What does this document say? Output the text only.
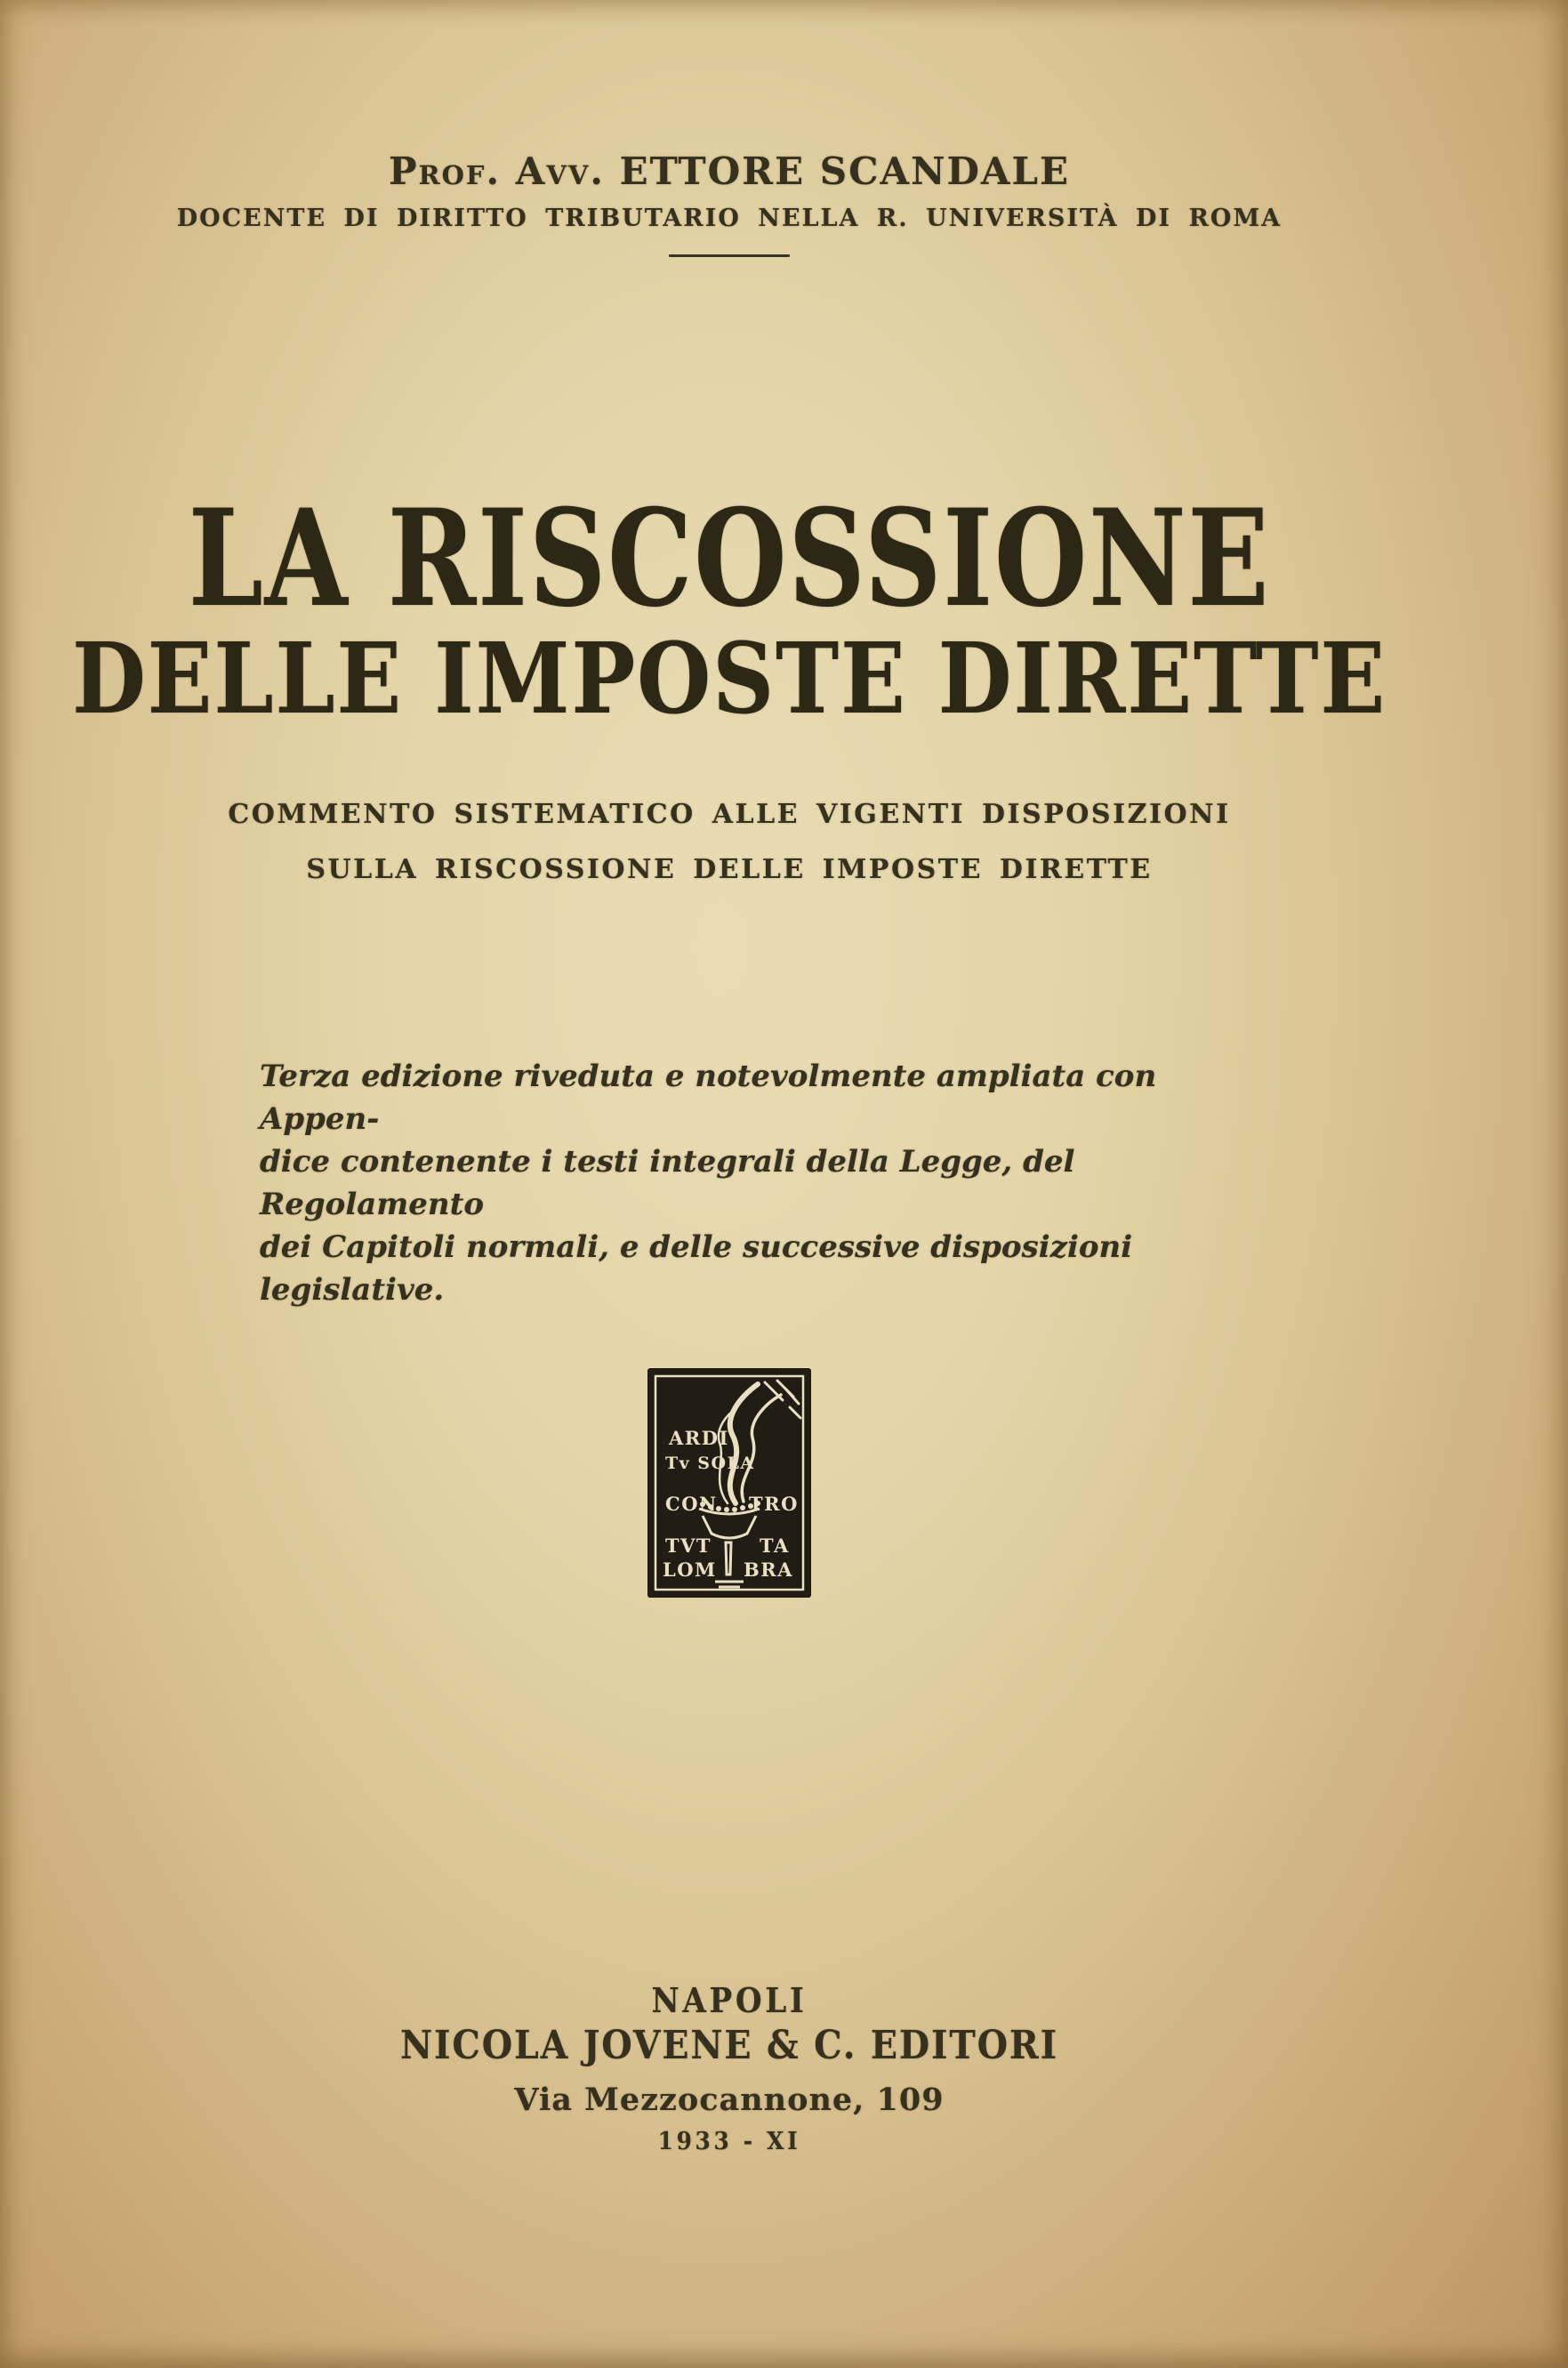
Prof. Avv. ETTORE SCANDALE
DOCENTE DI DIRITTO TRIBUTARIO NELLA R. UNIVERSITÀ DI ROMA
LA RISCOSSIONE
DELLE IMPOSTE DIRETTE
COMMENTO SISTEMATICO ALLE VIGENTI DISPOSIZIONI
SULLA RISCOSSIONE DELLE IMPOSTE DIRETTE
Terza edizione riveduta e notevolmente ampliata con Appen-
dice contenente i testi integrali della Legge, del Regolamento
dei Capitoli normali, e delle successive disposizioni legislative.
ARDI
Tv SOLA
CON TRO
TVT	TA
LOM BRA
NAPOLI
NICOLA JOVENE & C. EDITORI
Via Mezzocannone, 109
1933 - XI
